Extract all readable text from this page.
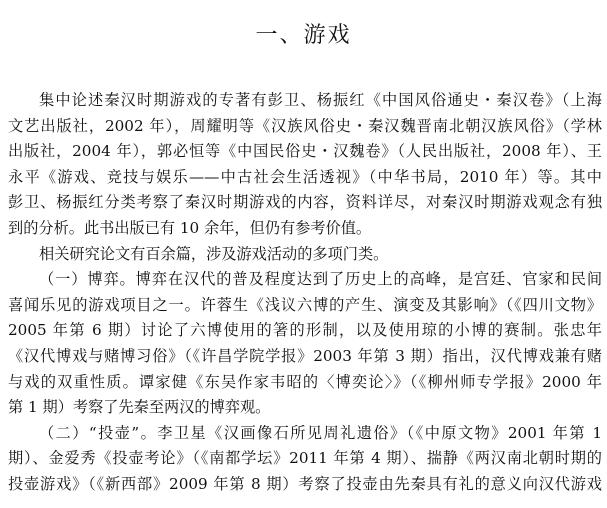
一、游戏
集中论述秦汉时期游戏的专著有彭卫、杨振红《中国风俗通史・秦汉卷》（上海
文艺出版社，2002 年），周耀明等《汉族风俗史・秦汉魏晋南北朝汉族风俗》（学林
出版社，2004 年），郭必恒等《中国民俗史・汉魏卷》（人民出版社，2008 年）、王
永平《游戏、竞技与娱乐——中古社会生活透视》（中华书局，2010 年）等。其中
彭卫、杨振红分类考察了秦汉时期游戏的内容，资料详尽，对秦汉时期游戏观念有独
到的分析。此书出版已有 10 余年，但仍有参考价值。
相关研究论文有百余篇，涉及游戏活动的多项门类。
（一）博弈。博弈在汉代的普及程度达到了历史上的高峰，是宫廷、官家和民间
喜闻乐见的游戏项目之一。许蓉生《浅议六博的产生、演变及其影响》（《四川文物》
2005 年第 6 期）讨论了六博使用的箸的形制，以及使用琼的小博的赛制。张忠年
《汉代博戏与赌博习俗》（《许昌学院学报》2003 年第 3 期）指出，汉代博戏兼有赌
与戏的双重性质。谭家健《东吴作家韦昭的〈博奕论〉》（《柳州师专学报》2000 年
第 1 期）考察了先秦至两汉的博弈观。
（二）“投壶”。李卫星《汉画像石所见周礼遗俗》（《中原文物》2001 年第 1
期）、金爱秀《投壶考论》（《南都学坛》2011 年第 4 期）、揣静《两汉南北朝时期的
投壶游戏》（《新西部》2009 年第 8 期）考察了投壶由先秦具有礼的意义向汉代游戏
